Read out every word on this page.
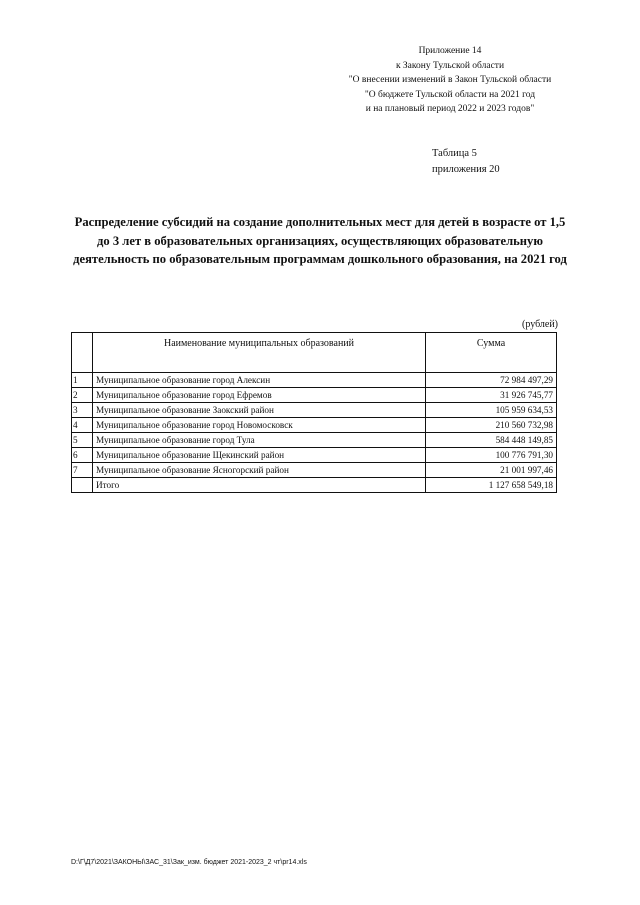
Приложение 14
к Закону Тульской области
"О внесении изменений в Закон Тульской области
"О бюджете Тульской области на 2021 год
и на плановый период 2022 и 2023 годов"
Таблица 5
приложения 20
Распределение субсидий на создание дополнительных мест для детей в возрасте от 1,5 до 3 лет в образовательных организациях, осуществляющих образовательную деятельность по образовательным программам дошкольного образования, на 2021 год
(рублей)
	Наименование муниципальных образований	Сумма
1	Муниципальное образование город Алексин	72 984 497,29
2	Муниципальное образование город Ефремов	31 926 745,77
3	Муниципальное образование Заокский район	105 959 634,53
4	Муниципальное образование город Новомосковск	210 560 732,98
5	Муниципальное образование город Тула	584 448 149,85
6	Муниципальное образование Щекинский район	100 776 791,30
7	Муниципальное образование Ясногорский район	21 001 997,46
	Итого	1 127 658 549,18
D:\Г\Д7\2021\ЗАКОНЫ\ЗАС_31\Зак_изм. бюджет 2021-2023_2 чт\pr14.xls
